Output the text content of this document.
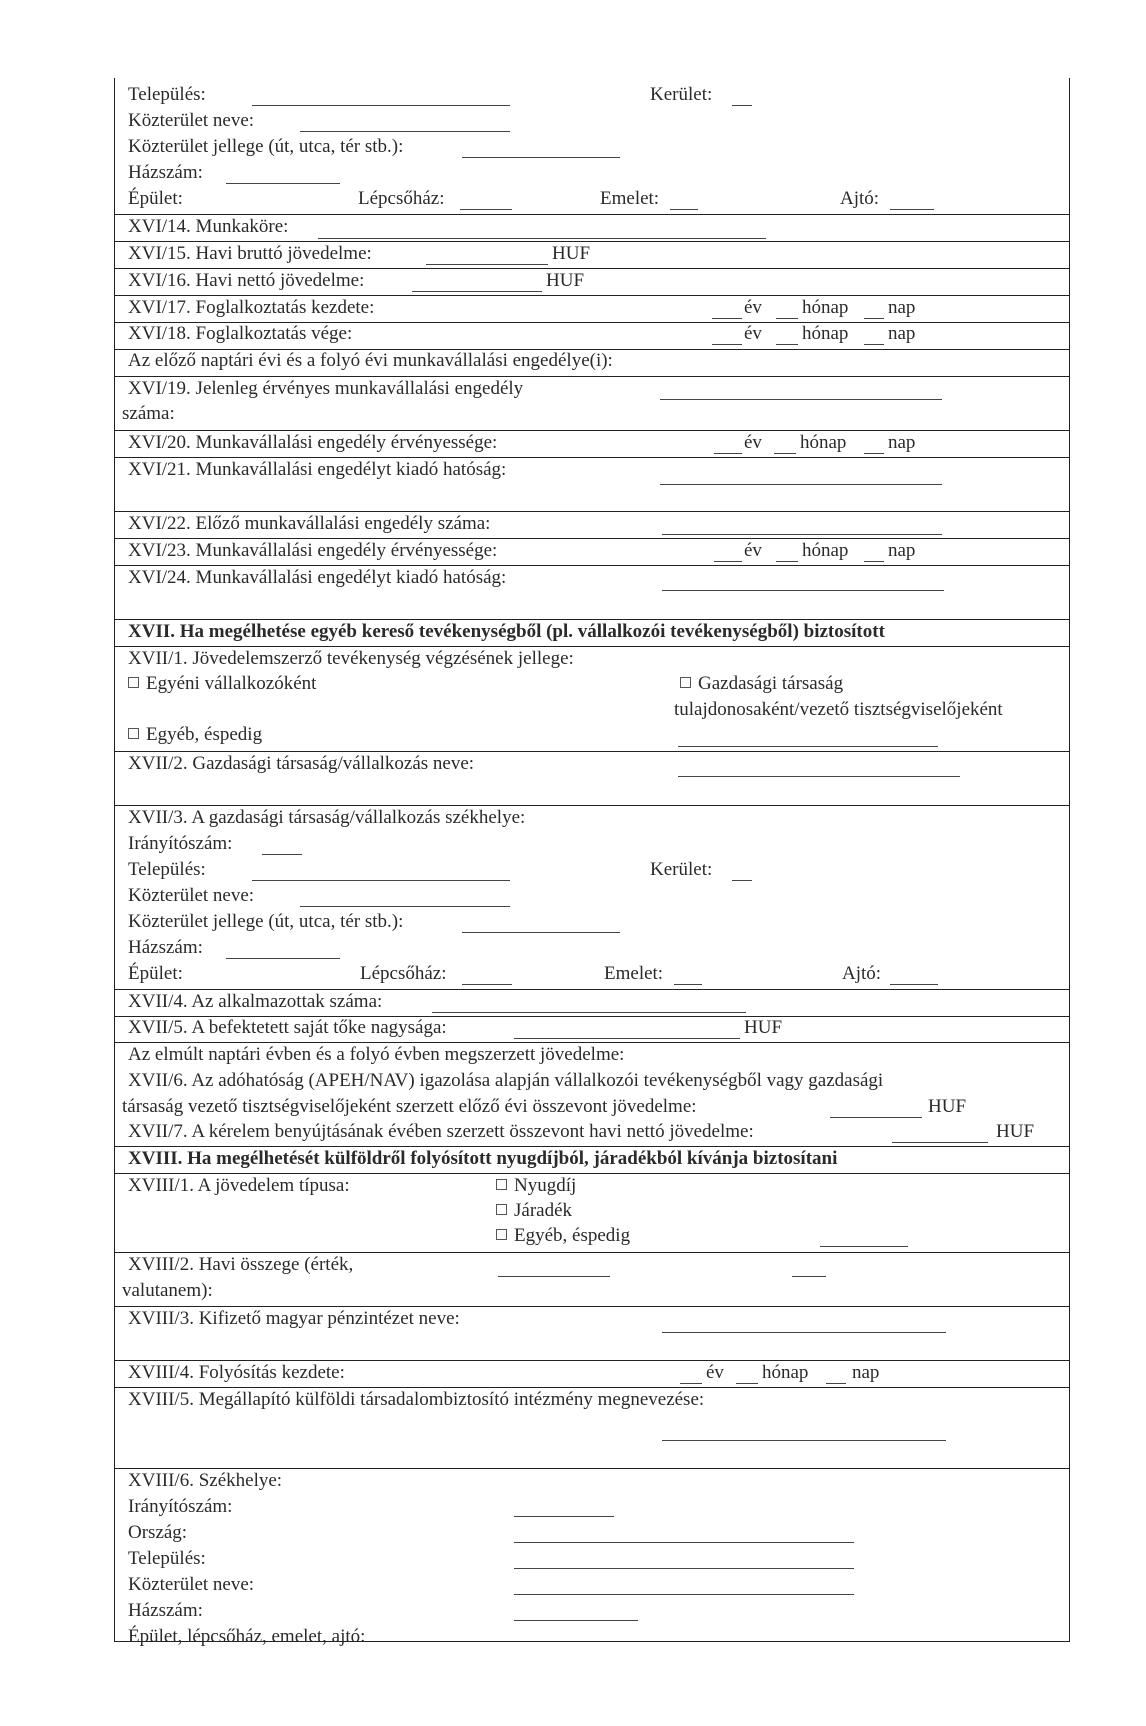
Település:	Kerület:
Közterület neve:
Közterület jellege (út, utca, tér stb.):
Házszám:
Épület:	Lépcsőház:	Emelet:	Ajtó:
XVI/14. Munkaköre:
XVI/15. Havi bruttó jövedelme:	HUF
XVI/16. Havi nettó jövedelme:	HUF
XVI/17. Foglalkoztatás kezdete:	év hónap nap
XVI/18. Foglalkoztatás vége:	év hónap nap
Az előző naptári évi és a folyó évi munkavállalási engedélye(i):
XVI/19. Jelenleg érvényes munkavállalási engedély
száma:
XVI/20. Munkavállalási engedély érvényessége:	év hónap nap
XVI/21. Munkavállalási engedélyt kiadó hatóság:
XVI/22. Előző munkavállalási engedély száma:
XVI/23. Munkavállalási engedély érvényessége:	év hónap nap
XVI/24. Munkavállalási engedélyt kiadó hatóság:
XVII. Ha megélhetése egyéb kereső tevékenységből (pl. vállalkozói tevékenységből) biztosított
XVII/1. Jövedelemszerző tevékenység végzésének jellege:
Egyéni vállalkozóként	Gazdasági társaság
tulajdonosaként/vezető tisztségviselőjeként
Egyéb, éspedig
XVII/2. Gazdasági társaság/vállalkozás neve:
XVII/3. A gazdasági társaság/vállalkozás székhelye:
Irányítószám:
Település:	Kerület:
Közterület neve:
Közterület jellege (út, utca, tér stb.):
Házszám:
Épület:	Lépcsőház:	Emelet:	Ajtó:
XVII/4. Az alkalmazottak száma:
XVII/5. A befektetett saját tőke nagysága:	HUF
Az elmúlt naptári évben és a folyó évben megszerzett jövedelme:
XVII/6. Az adóhatóság (APEH/NAV) igazolása alapján vállalkozói tevékenységből vagy gazdasági
társaság vezető tisztségviselőjeként szerzett előző évi összevont jövedelme:	HUF
XVII/7. A kérelem benyújtásának évében szerzett összevont havi nettó jövedelme:	HUF
XVIII. Ha megélhetését külföldről folyósított nyugdíjból, járadékból kívánja biztosítani
XVIII/1. A jövedelem típusa:	Nyugdíj
Járadék
Egyéb, éspedig
XVIII/2. Havi összege (érték,
valutanem):
XVIII/3. Kifizető magyar pénzintézet neve:
XVIII/4. Folyósítás kezdete:	év hónap nap
XVIII/5. Megállapító külföldi társadalombiztosító intézmény megnevezése:
XVIII/6. Székhelye:
Irányítószám:
Ország:
Település:
Közterület neve:
Házszám:
Épület, lépcsőház, emelet, ajtó:
